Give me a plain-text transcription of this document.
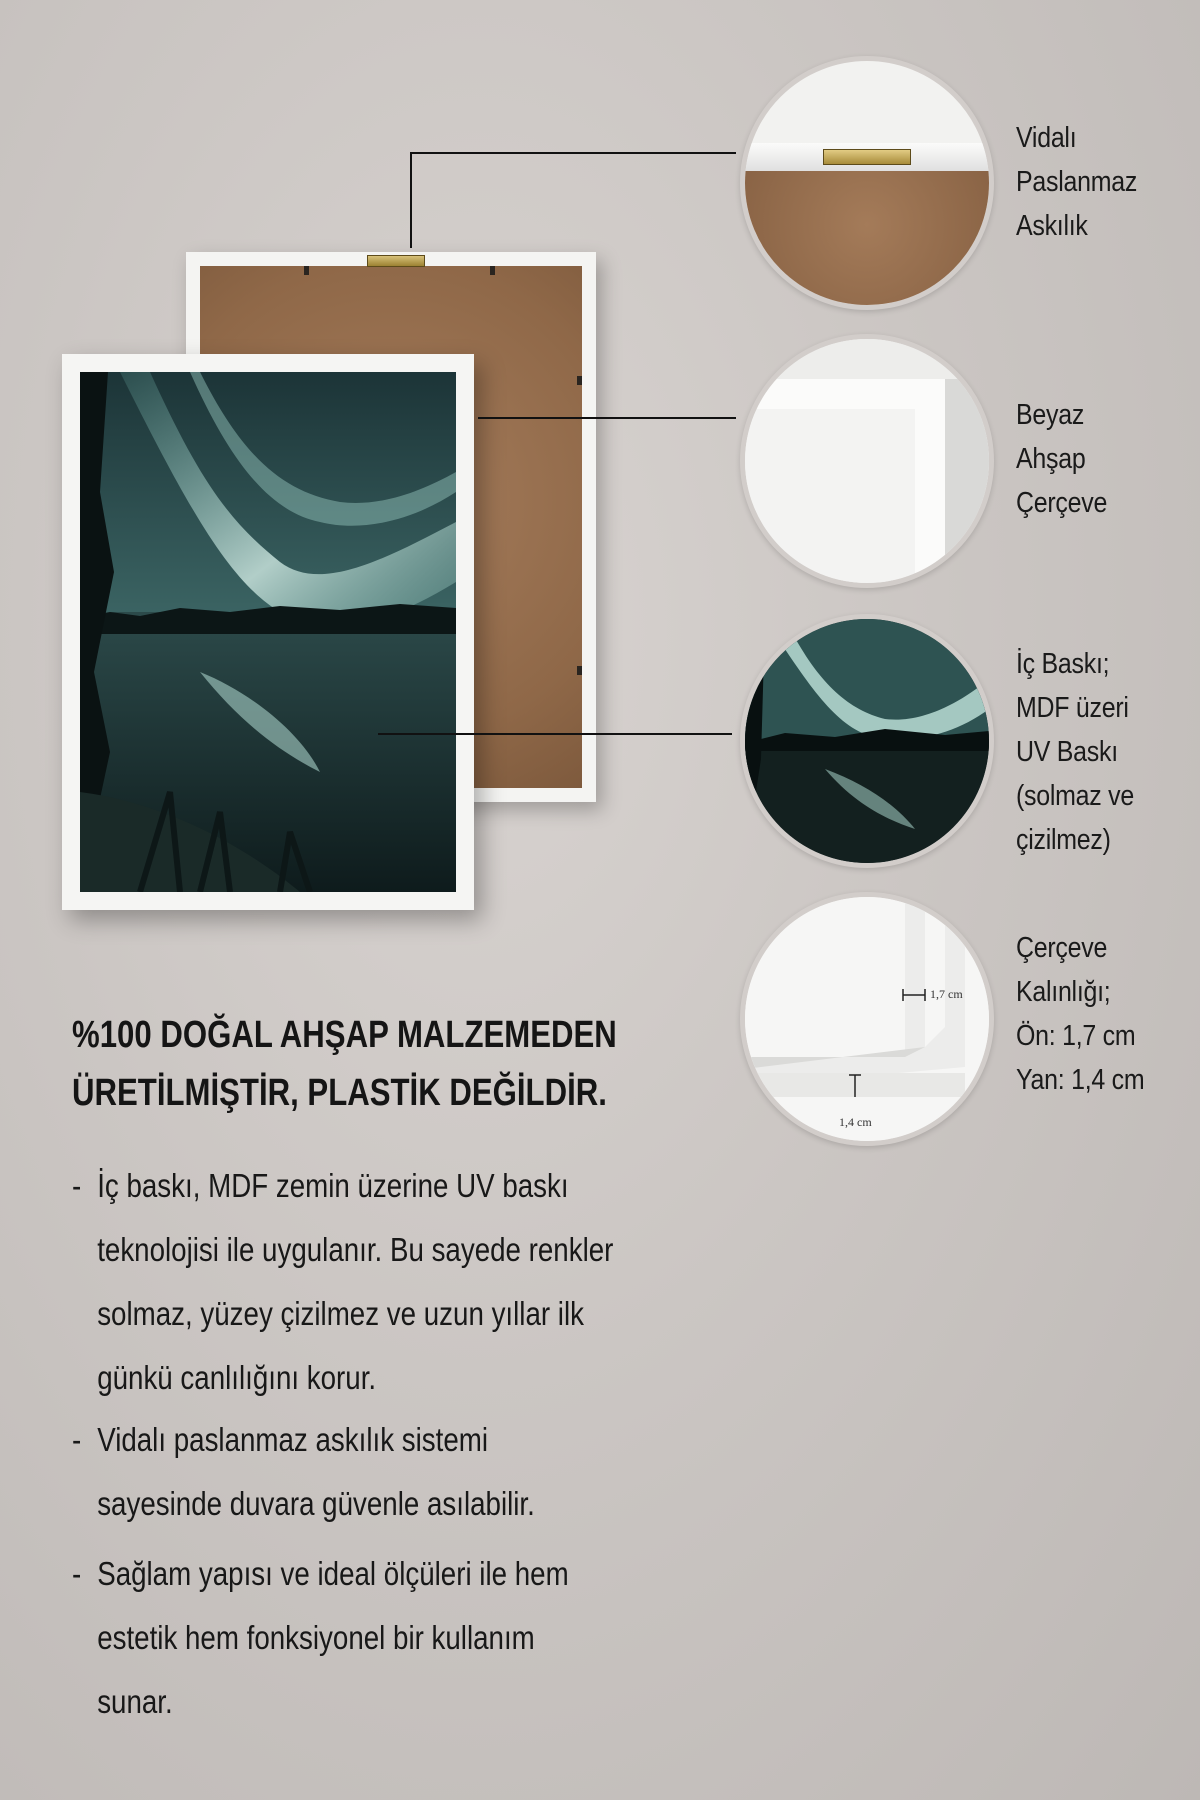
1,7 cm
1,4 cm
Vidalı
Paslanmaz
Askılık
Beyaz
Ahşap
Çerçeve
İç Baskı;
MDF üzeri
UV Baskı
(solmaz ve
çizilmez)
Çerçeve
Kalınlığı;
Ön: 1,7 cm
Yan: 1,4 cm
%100 DOĞAL AHŞAP MALZEMEDEN
ÜRETİLMİŞTİR, PLASTİK DEĞİLDİR.
- İç baskı, MDF zemin üzerine UV baskı
teknolojisi ile uygulanır. Bu sayede renkler
solmaz, yüzey çizilmez ve uzun yıllar ilk
günkü canlılığını korur.
- Vidalı paslanmaz askılık sistemi
sayesinde duvara güvenle asılabilir.
- Sağlam yapısı ve ideal ölçüleri ile hem
estetik hem fonksiyonel bir kullanım
sunar.
